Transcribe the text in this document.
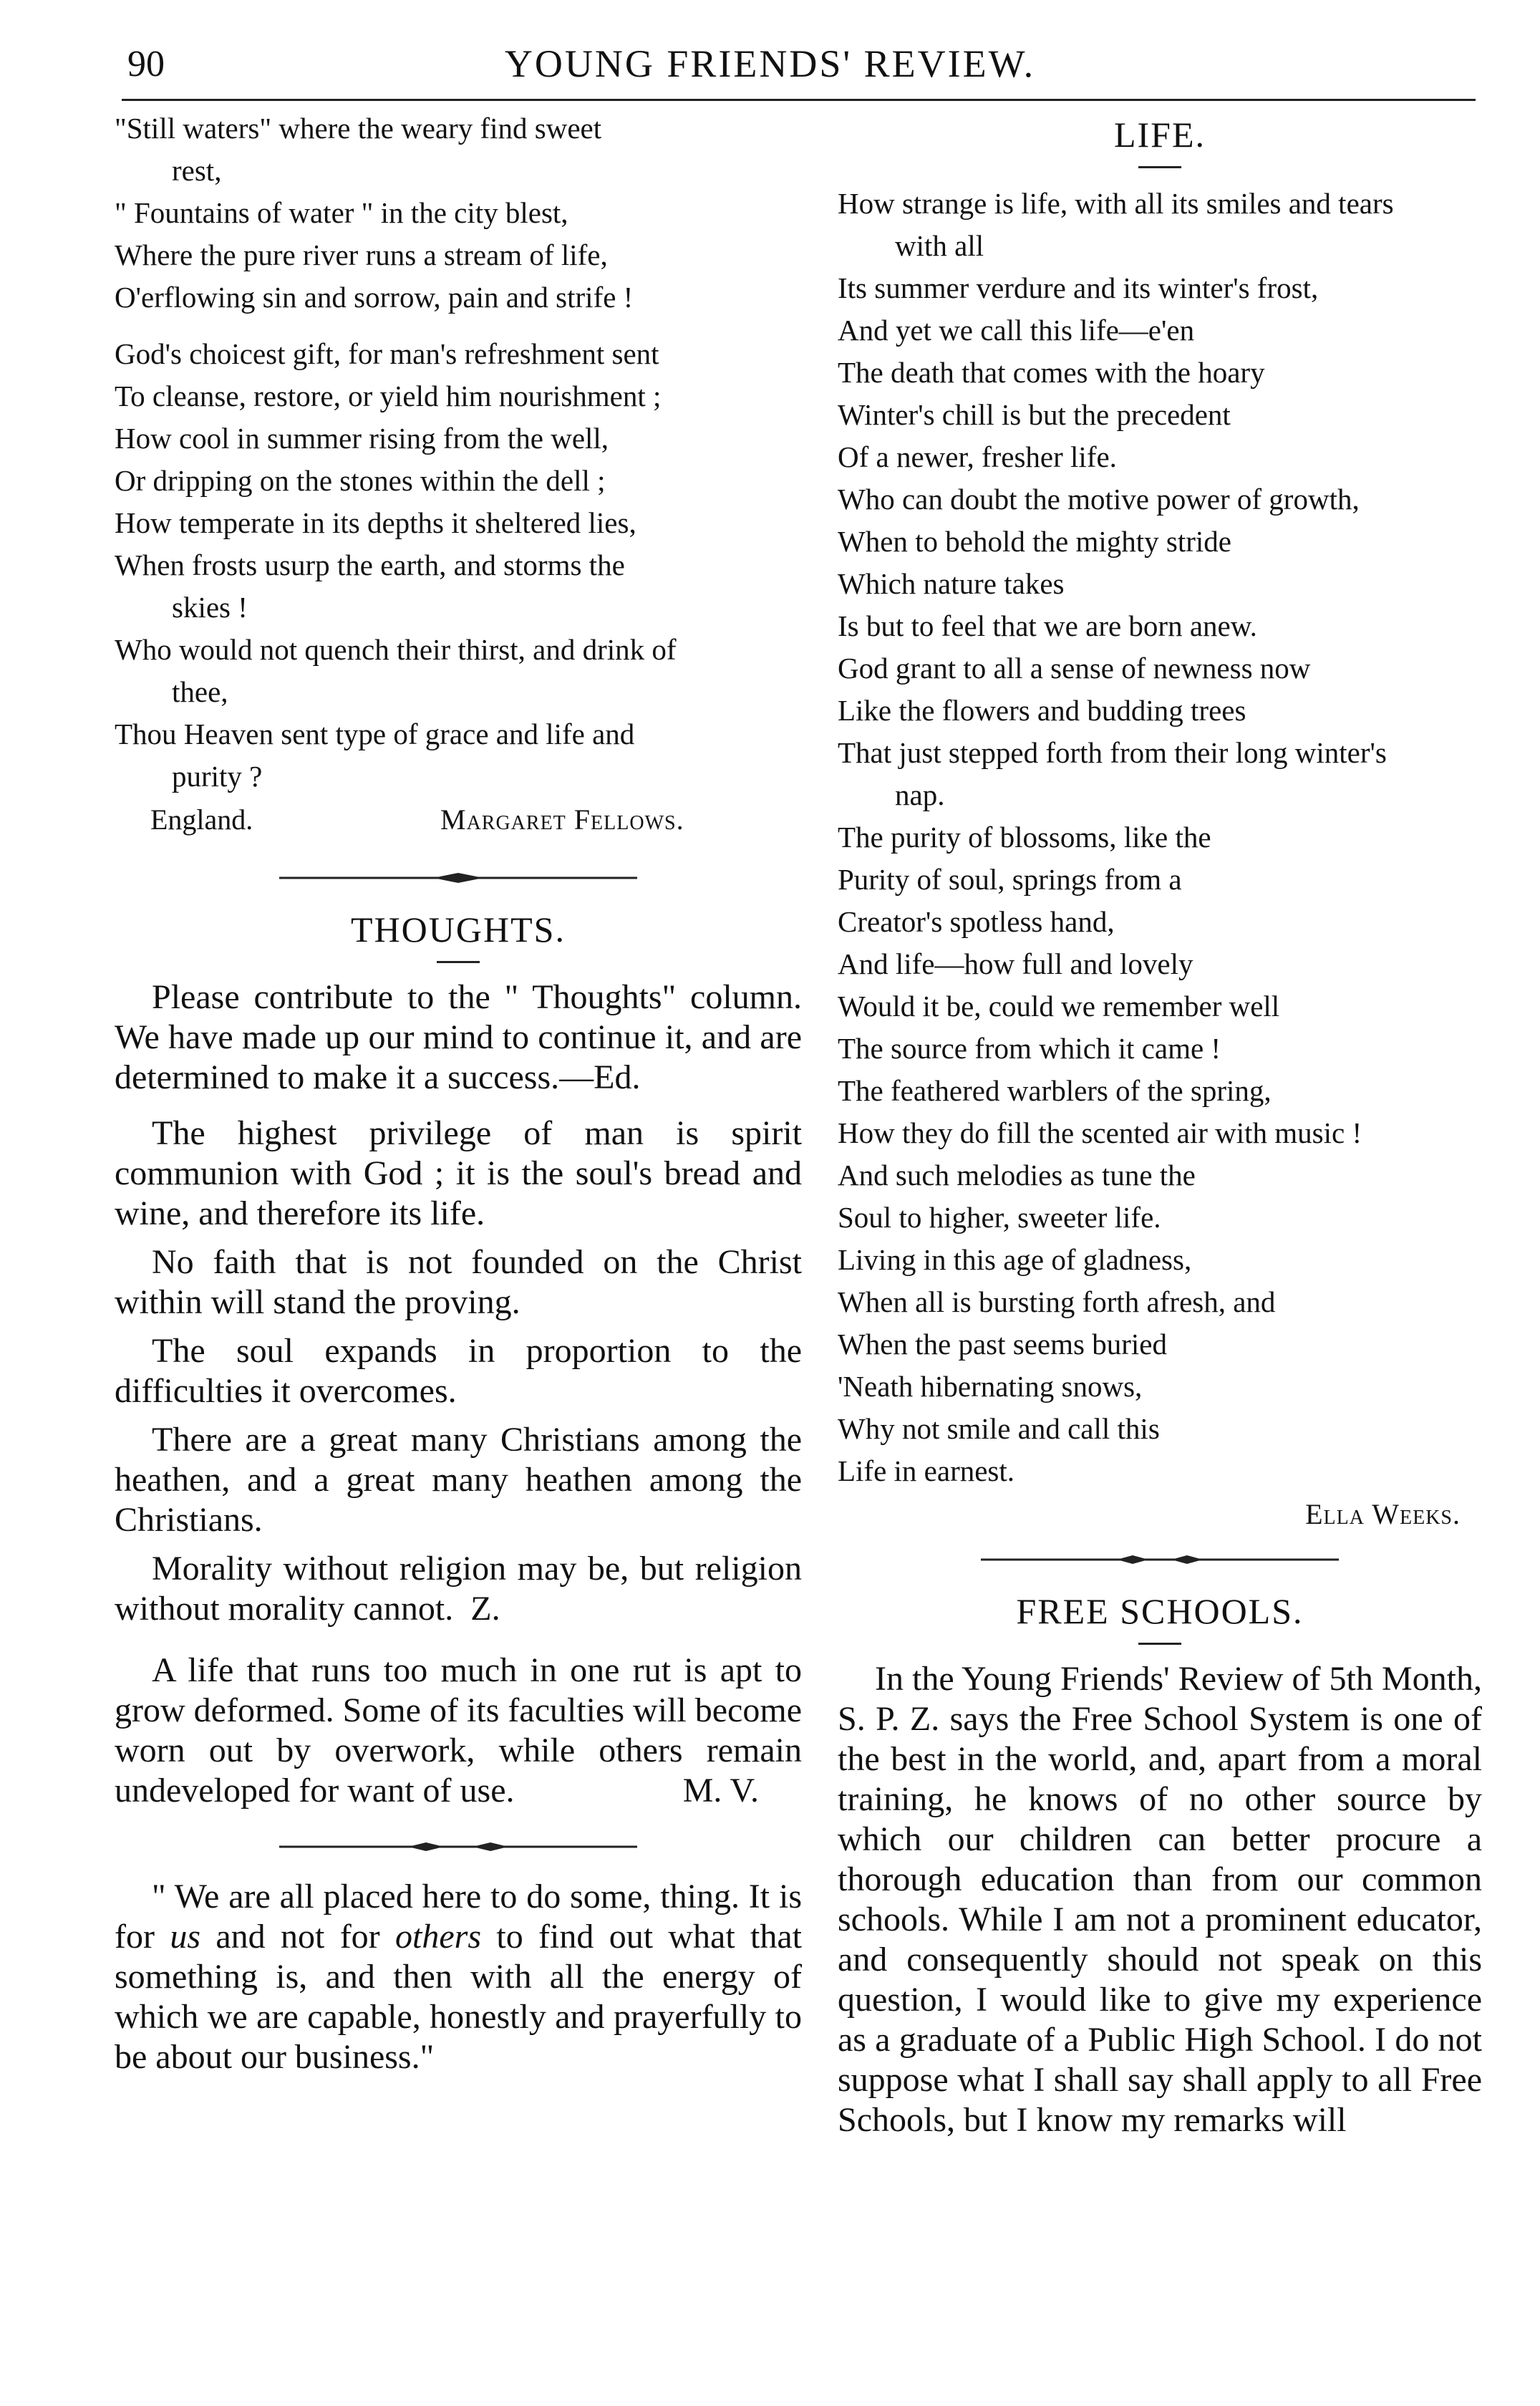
90	YOUNG FRIENDS' REVIEW.
"Still waters" where the weary find sweet
rest,
" Fountains of water " in the city blest,
Where the pure river runs a stream of life,
O'erflowing sin and sorrow, pain and strife !
God's choicest gift, for man's refreshment sent
To cleanse, restore, or yield him nourishment ;
How cool in summer rising from the well,
Or dripping on the stones within the dell ;
How temperate in its depths it sheltered lies,
When frosts usurp the earth, and storms the
skies !
Who would not quench their thirst, and drink of
thee,
Thou Heaven sent type of grace and life and
purity ?
England.	Margaret Fellows.
THOUGHTS.

Please contribute to the " Thoughts" column. We have made up our mind to continue it, and are determined to make it a success.—Ed.

The highest privilege of man is spirit communion with God ; it is the soul's bread and wine, and therefore its life.

No faith that is not founded on the Christ within will stand the proving.

The soul expands in proportion to the difficulties it overcomes.

There are a great many Christians among the heathen, and a great many heathen among the Christians.

Morality without religion may be, but religion without morality cannot. Z.

A life that runs too much in one rut is apt to grow deformed. Some of its faculties will become worn out by overwork, while others remain undeveloped for want of use.	M. V.

" We are all placed here to do some, thing. It is for us and not for others to find out what that something is, and then with all the energy of which we are capable, honestly and prayerfully to be about our business."

LIFE.
How strange is life, with all its smiles and tears
with all
Its summer verdure and its winter's frost,
And yet we call this life—e'en
The death that comes with the hoary
Winter's chill is but the precedent
Of a newer, fresher life.
Who can doubt the motive power of growth,
When to behold the mighty stride
Which nature takes
Is but to feel that we are born anew.
God grant to all a sense of newness now
Like the flowers and budding trees
That just stepped forth from their long winter's
nap.
The purity of blossoms, like the
Purity of soul, springs from a
Creator's spotless hand,
And life—how full and lovely
Would it be, could we remember well
The source from which it came !
The feathered warblers of the spring,
How they do fill the scented air with music !
And such melodies as tune the
Soul to higher, sweeter life.
Living in this age of gladness,
When all is bursting forth afresh, and
When the past seems buried
'Neath hibernating snows,
Why not smile and call this
Life in earnest.
Ella Weeks.
FREE SCHOOLS.

In the Young Friends' Review of 5th Month, S. P. Z. says the Free School System is one of the best in the world, and, apart from a moral training, he knows of no other source by which our children can better procure a thorough education than from our common schools. While I am not a prominent educator, and consequently should not speak on this question, I would like to give my experience as a graduate of a Public High School. I do not suppose what I shall say shall apply to all Free Schools, but I know my remarks will
